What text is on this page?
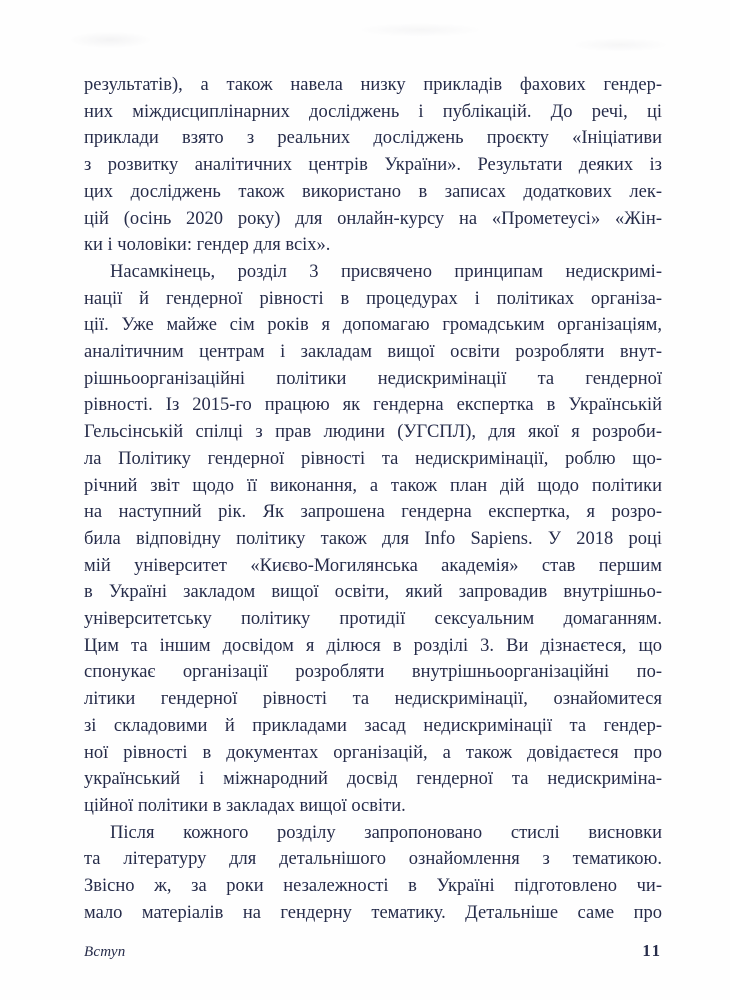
результатів), а також навела низку прикладів фахових гендер-
них міждисциплінарних досліджень і публікацій. До речі, ці
приклади взято з реальних досліджень проєкту «Ініціативи
з розвитку аналітичних центрів України». Результати деяких із
цих досліджень також використано в записах додаткових лек-
цій (осінь 2020 року) для онлайн-курсу на «Прометеусі» «Жін-
ки і чоловіки: гендер для всіх».
Насамкінець, розділ 3 присвячено принципам недискримі-
нації й гендерної рівності в процедурах і політиках організа-
ції. Уже майже сім років я допомагаю громадським організаціям,
аналітичним центрам і закладам вищої освіти розробляти внут-
рішньоорганізаційні політики недискримінації та гендерної
рівності. Із 2015-го працюю як гендерна експертка в Українській
Гельсінській спілці з прав людини (УГСПЛ), для якої я розроби-
ла Політику гендерної рівності та недискримінації, роблю що-
річний звіт щодо її виконання, а також план дій щодо політики
на наступний рік. Як запрошена гендерна експертка, я розро-
била відповідну політику також для Info Sapiens. У 2018 році
мій університет «Києво-Могилянська академія» став першим
в Україні закладом вищої освіти, який запровадив внутрішньо-
університетську політику протидії сексуальним домаганням.
Цим та іншим досвідом я ділюся в розділі 3. Ви дізнаєтеся, що
спонукає організації розробляти внутрішньоорганізаційні по-
літики гендерної рівності та недискримінації, ознайомитеся
зі складовими й прикладами засад недискримінації та гендер-
ної рівності в документах організацій, а також довідаєтеся про
український і міжнародний досвід гендерної та недискриміна-
ційної політики в закладах вищої освіти.
Після кожного розділу запропоновано стислі висновки
та літературу для детальнішого ознайомлення з тематикою.
Звісно ж, за роки незалежності в Україні підготовлено чи-
мало матеріалів на гендерну тематику. Детальніше саме про
Вступ	11
